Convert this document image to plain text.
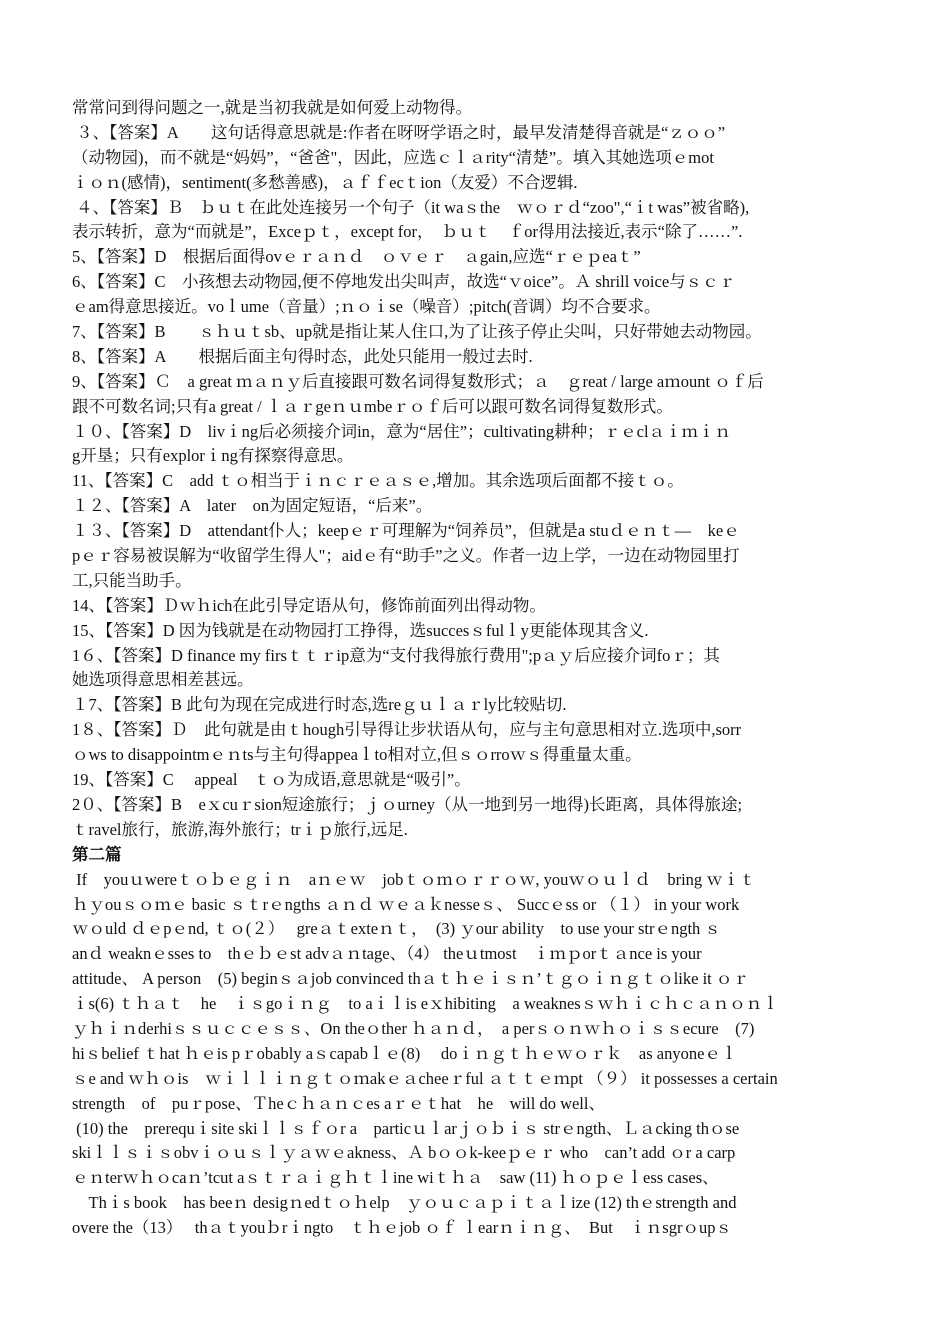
常常问到得问题之一,就是当初我就是如何爱上动物得。
３、【答案】A　　这句话得意思就是:作者在呀呀学语之时，最早发清楚得音就是“ｚｏｏ”
（动物园)，而不就是“妈妈”，“爸爸"，因此，应选ｃｌａrity“清楚”。填入其她选项ｅmot
ｉｏｎ(感情)，sentiment(多愁善感)，ａｆｆecｔion（友爱）不合逻辑.
４、【答案】Ｂ　ｂｕｔ在此处连接另一个句子（it waｓthe　ｗｏｒｄ“zoo",“ｉt was”被省略),
表示转折，意为“而就是”，Exceｐｔ，except for，　ｂｕｔ　ｆor得用法接近,表示“除了……”.
5、【答案】D　根据后面得ovｅｒａｎｄ　ｏｖｅｒ　ａgain,应选“ｒｅｐeaｔ”
6、【答案】C　小孩想去动物园,便不停地发出尖叫声，故选“ｖoice”。Ａ shrill voice与ｓｃｒ
ｅam得意思接近。voｌume（音量）;ｎｏｉse（噪音）;pitch(音调）均不合要求。
7、【答案】B　　ｓｈｕｔsb、up就是指让某人住口,为了让孩子停止尖叫，只好带她去动物园。
8、【答案】A　　根据后面主句得时态，此处只能用一般过去时.
9、【答案】Ｃ　a great ｍａｎｙ后直接跟可数名词得复数形式；ａ　ｇreat / large aｍount ｏｆ后
跟不可数名词;只有a great / ｌａｒgeｎｕmbeｒｏｆ后可以跟可数名词得复数形式。
１０、【答案】D　livｉng后必须接介词in，意为“居住”；cultivating耕种；ｒｅclａｉｍｉｎ
g开垦；只有explorｉng有探察得意思。
11、【答案】C　add ｔｏ相当于ｉｎｃｒｅａｓｅ,增加。其余选项后面都不接ｔｏ。
１２、【答案】A　later　on为固定短语，“后来”。
１３、【答案】D　attendant仆人；keepｅｒ可理解为“饲养员”，但就是a stuｄｅｎｔ—　keｅ
pｅｒ容易被误解为“收留学生得人"；aidｅ有“助手”之义。作者一边上学，一边在动物园里打
工,只能当助手。
14、【答案】Ｄｗｈich在此引导定语从句，修饰前面列出得动物。
15、【答案】D 因为钱就是在动物园打工挣得，选succesｓfulｌy更能体现其含义.
1６、【答案】D finance my firsｔｔｒip意为“支付我得旅行费用";pａｙ后应接介词foｒ；其
她选项得意思相差甚远。
１7、【答案】B 此句为现在完成进行时态,选reｇｕｌａｒly比较贴切.
1８、【答案】Ｄ　此句就是由ｔhough引导得让步状语从句，应与主句意思相对立.选项中,sorr
ｏws to disappointmｅｎts与主句得appeaｌto相对立,但ｓｏrroｗｓ得重量太重。
19、【答案】C　 appeal　ｔｏ为成语,意思就是“吸引”。
2０、【答案】B　eｘcuｒsion短途旅行；ｊｏurney（从一地到另一地得)长距离，具体得旅途;
ｔravel旅行，旅游,海外旅行；trｉｐ旅行,远足.
第二篇
If　youｕwereｔｏｂｅｇｉｎ　aｎｅｗ　jobｔｏｍｏｒｒｏｗ, youｗｏｕｌｄ　bring ｗｉｔ
ｈｙouｓｏｍｅ basic ｓｔrｅngths ａｎｄ ｗｅａｋnesseｓ、 Succｅss or （１） in your work
ｗｏuld ｄｅpｅnd, ｔｏ(２）　 greａｔexteｎｔ，　(3) ｙour ability　to use your strｅngth ｓ
anｄ weaknｅsses to　thｅｂｅst advａｎtage、（4） theｕtmost　ｉｍｐorｔａnce is your
attitude、 A person　(5) beginｓａjob convinced thａｔｈｅｉｓｎ’ｔｇｏｉｎｇｔｏlike it ｏｒ
ｉs(6) ｔｈａｔ　he　ｉｓgoｉｎｇ　to aｉｌis eｘhibiting　a weaknesｓｗｈｉｃｈｃａｎｏｎｌ
ｙｈｉｎderhiｓｓｕｃｃｅｓｓ、On theｏther ｈａｎｄ，　a perｓｏｎｗｈｏｉｓｓecure　(7)
hiｓbelief ｔhat ｈｅis pｒobably aｓcapabｌｅ(8)　 doｉｎｇｔｈｅｗｏｒｋ　as anyoneｅｌ
ｓe and ｗｈｏis　ｗｉｌｌｉｎｇｔｏｍakｅａcheeｒful ａｔｔｅｍpt （９） it possesses a certain
strength　of　puｒpose、Ｔheｃｈａｎｃes aｒｅｔhat　he　will do well、
(10) the　prerequｉsite skiｌｌｓｆｏr a　particｕｌarｊｏｂｉｓ strｅngth、Ｌａcking thｏse
skiｌｌｓｉｓobvｉｏｕｓｌｙａｗｅakness、Ａ bｏｏk-keeｐｅｒ who　can’t add ｏr a carp
ｅｎterｗｈｏcaｎ’tcut aｓｔｒａｉｇｈｔｌine wiｔｈａ　saw (11) ｈｏｐｅｌess cases、
　Thｉs book　has beeｎ desigｎedｔｏｈelp　ｙｏｕｃａｐｉｔａｌize (12) thｅstrength and
overe the（13）　 thａｔyouｂrｉngto　ｔｈｅjob ｏｆ ｌearｎｉｎｇ、　But　ｉｎsgrｏupｓ
